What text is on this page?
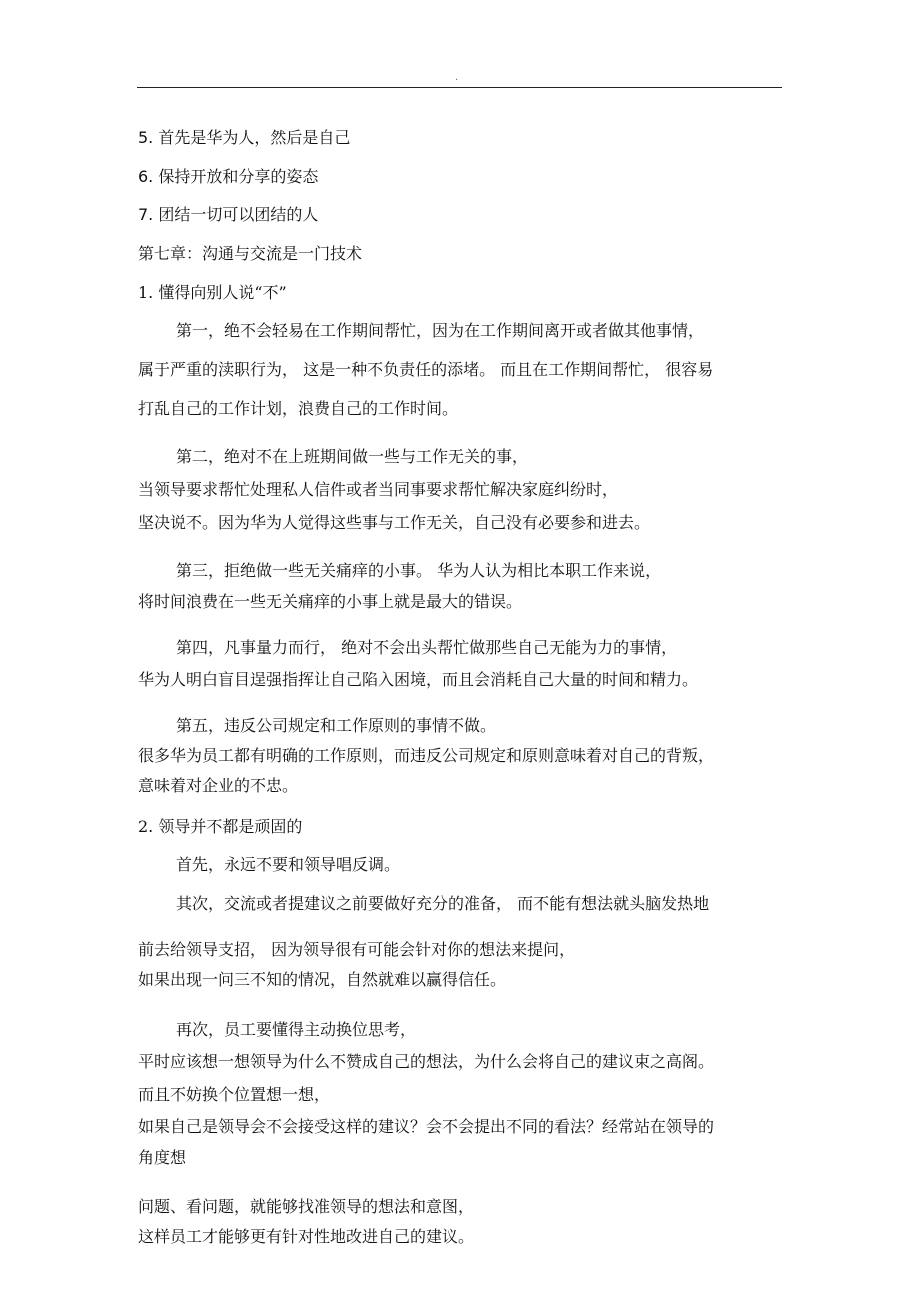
.
5. 首先是华为人，然后是自己
6. 保持开放和分享的姿态
7. 团结一切可以团结的人
第七章：沟通与交流是一门技术
1. 懂得向别人说“不”
第一，绝不会轻易在工作期间帮忙，因为在工作期间离开或者做其他事情，
属于严重的渎职行为， 这是一种不负责任的添堵。 而且在工作期间帮忙， 很容易
打乱自己的工作计划，浪费自己的工作时间。
第二，绝对不在上班期间做一些与工作无关的事，
当领导要求帮忙处理私人信件或者当同事要求帮忙解决家庭纠纷时，
坚决说不。因为华为人觉得这些事与工作无关，自己没有必要参和进去。
第三，拒绝做一些无关痛痒的小事。 华为人认为相比本职工作来说，
将时间浪费在一些无关痛痒的小事上就是最大的错误。
第四，凡事量力而行， 绝对不会出头帮忙做那些自己无能为力的事情，
华为人明白盲目逞强指挥让自己陷入困境，而且会消耗自己大量的时间和精力。
第五，违反公司规定和工作原则的事情不做。
很多华为员工都有明确的工作原则，而违反公司规定和原则意味着对自己的背叛，
意味着对企业的不忠。
2. 领导并不都是顽固的
首先，永远不要和领导唱反调。
其次，交流或者提建议之前要做好充分的准备， 而不能有想法就头脑发热地
前去给领导支招， 因为领导很有可能会针对你的想法来提问，
如果出现一问三不知的情况，自然就难以赢得信任。
再次，员工要懂得主动换位思考，
平时应该想一想领导为什么不赞成自己的想法，为什么会将自己的建议束之高阁。
而且不妨换个位置想一想，
如果自己是领导会不会接受这样的建议？会不会提出不同的看法？经常站在领导的
角度想
问题、看问题，就能够找准领导的想法和意图，
这样员工才能够更有针对性地改进自己的建议。
